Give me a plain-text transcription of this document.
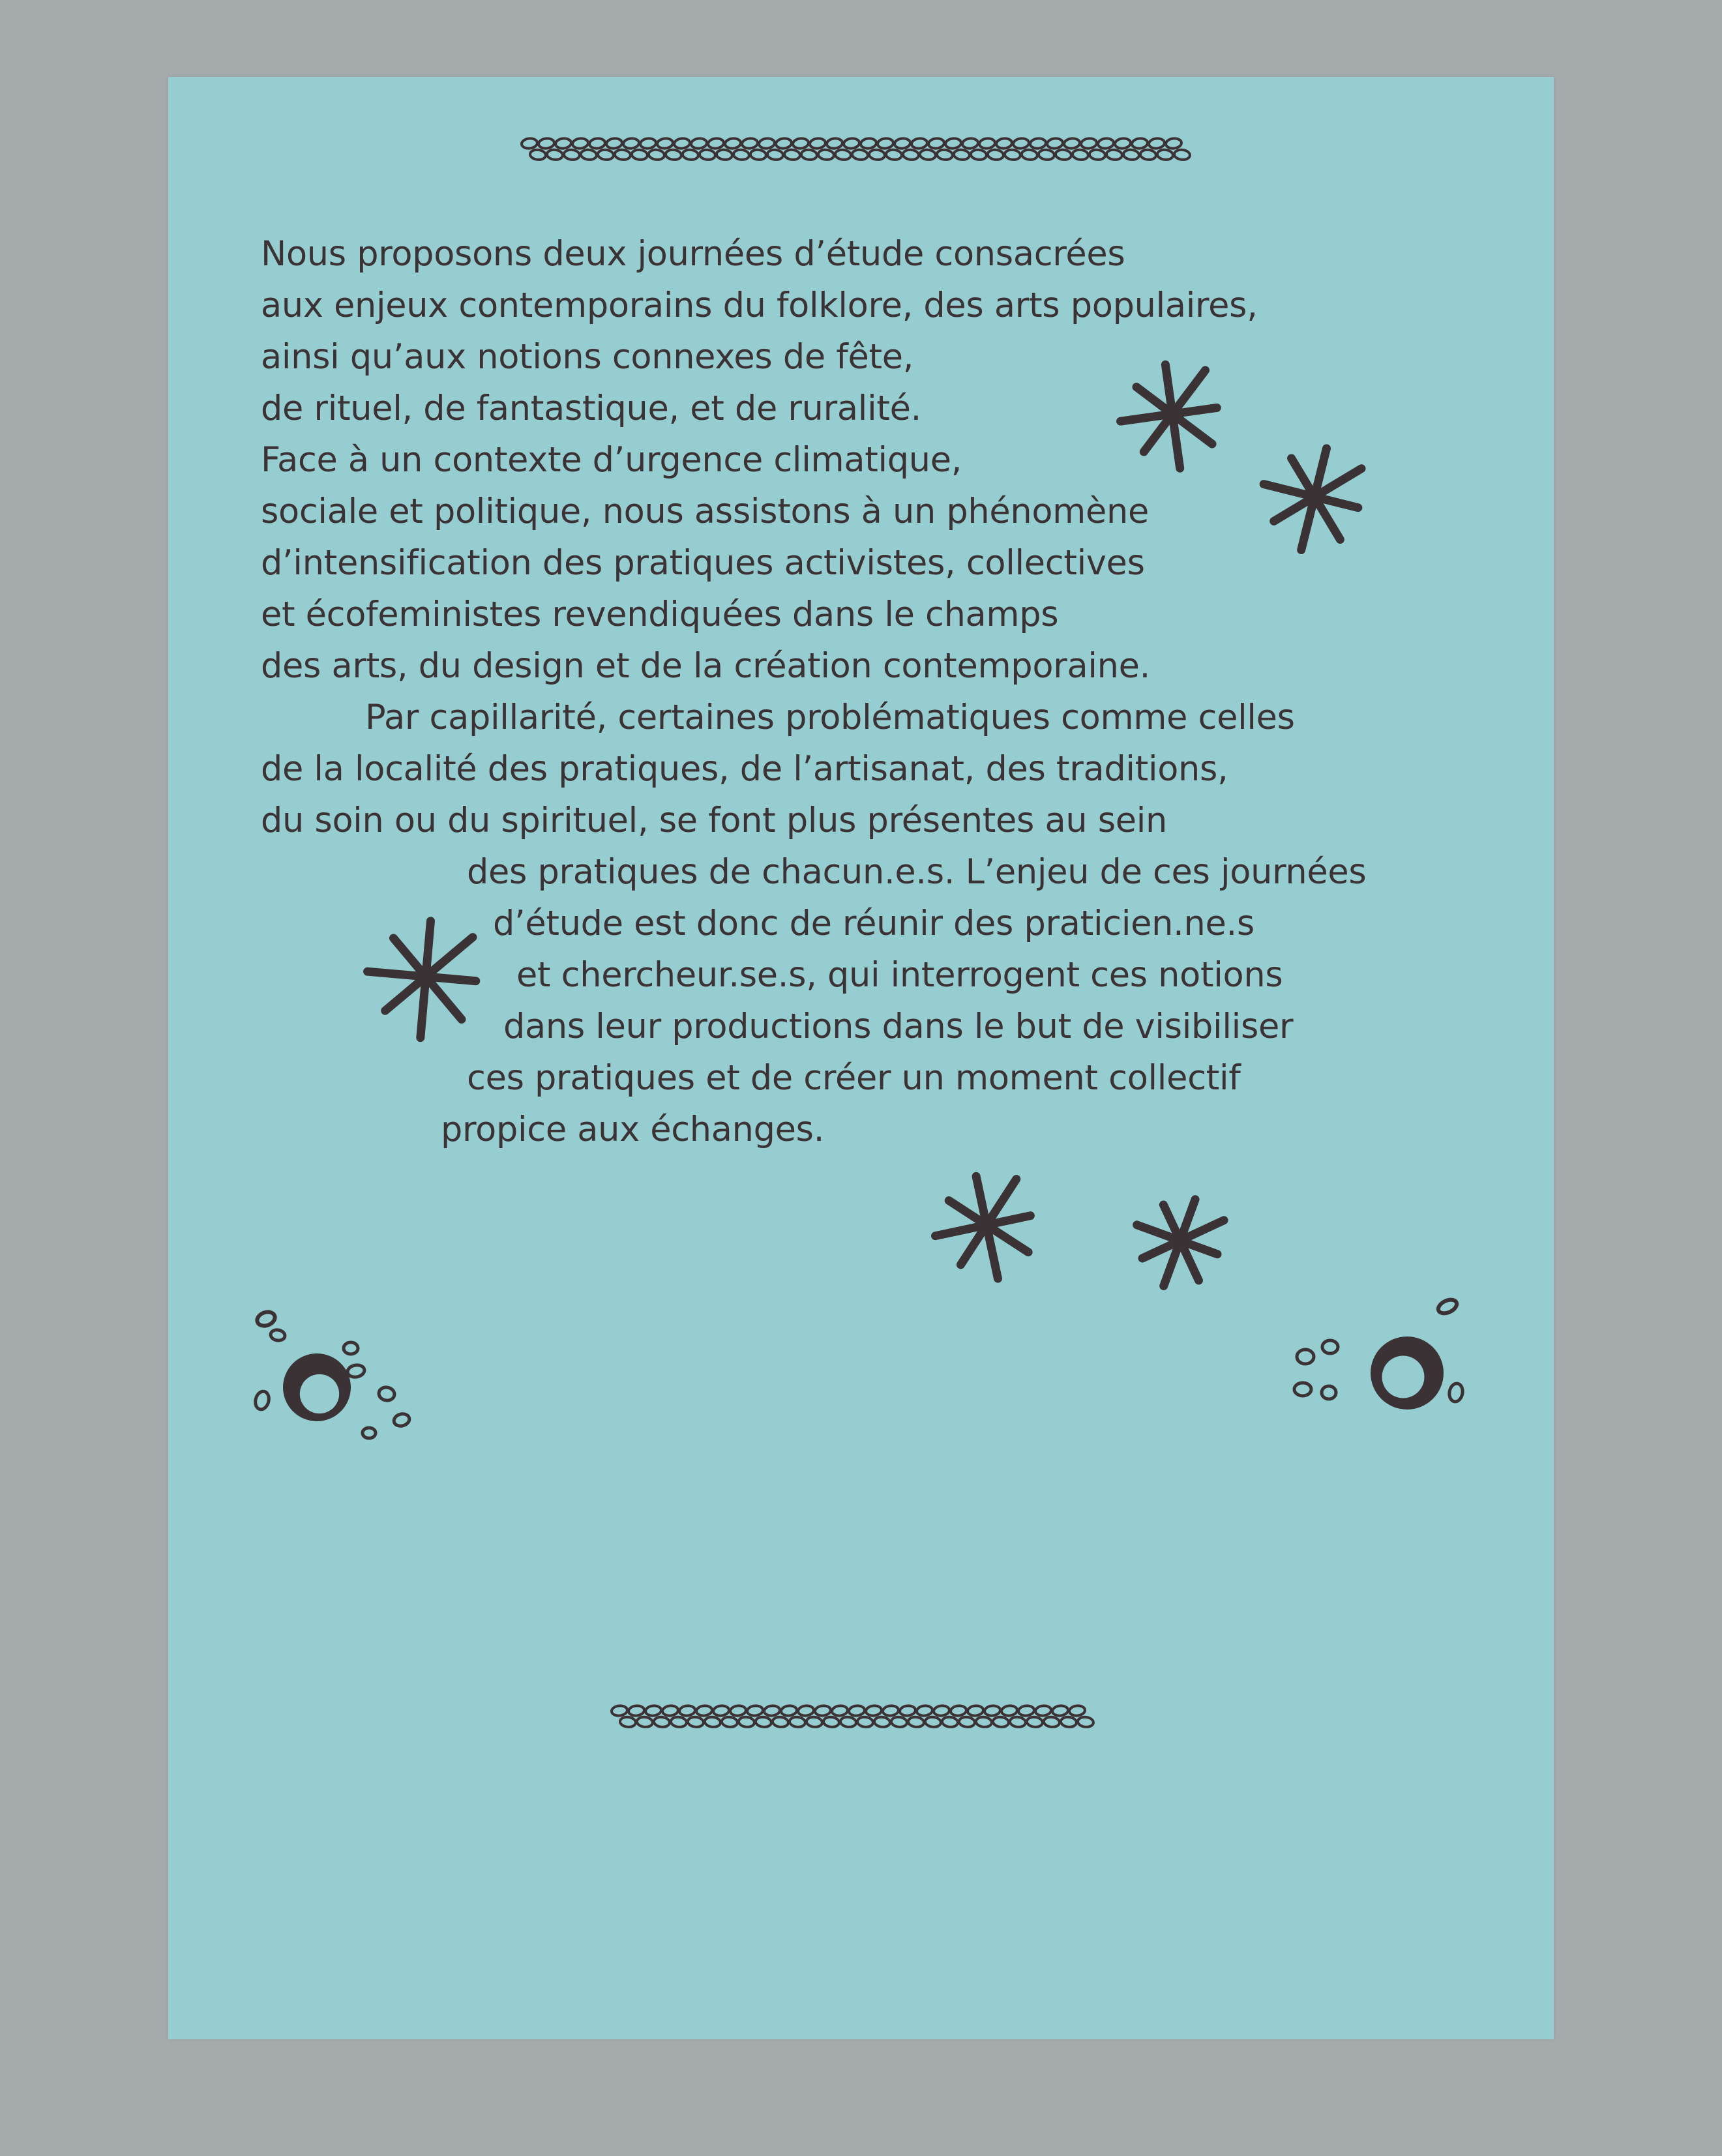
Nous proposons deux journées d’étude consacrées
aux enjeux contemporains du folklore, des arts populaires,
ainsi qu’aux notions connexes de fête,
de rituel, de fantastique, et de ruralité.
Face à un contexte d’urgence climatique,
sociale et politique, nous assistons à un phénomène
d’intensification des pratiques activistes, collectives
et écofeministes revendiquées dans le champs
des arts, du design et de la création contemporaine.
Par capillarité, certaines problématiques comme celles
de la localité des pratiques, de l’artisanat, des traditions,
du soin ou du spirituel, se font plus présentes au sein
des pratiques de chacun.e.s. L’enjeu de ces journées
d’étude est donc de réunir des praticien.ne.s
et chercheur.se.s, qui interrogent ces notions
dans leur productions dans le but de visibiliser
ces pratiques et de créer un moment collectif
propice aux échanges.
